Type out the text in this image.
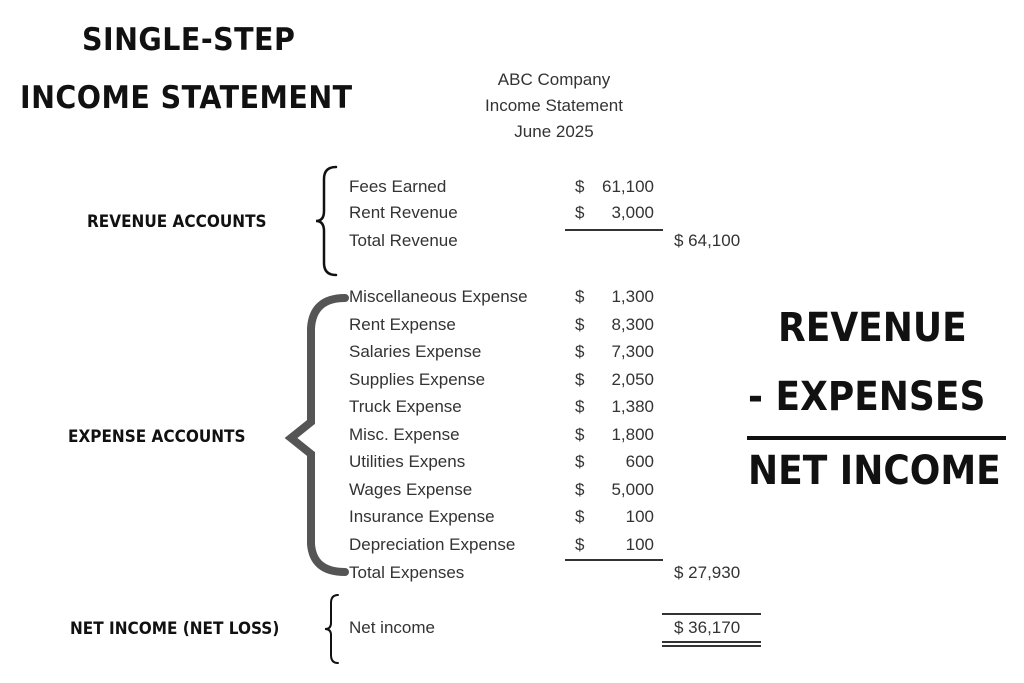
SINGLE-STEP
INCOME STATEMENT
ABC Company
Income Statement
June 2025
REVENUE ACCOUNTS
EXPENSE ACCOUNTS
NET INCOME (NET LOSS)
Fees Earned	$ 61,100
Rent Revenue	$ 3,000
Total Revenue	$ 64,100
Miscellaneous Expense	$ 1,300
Rent Expense	$ 8,300
Salaries Expense	$ 7,300
Supplies Expense	$ 2,050
Truck Expense	$ 1,380
Misc. Expense	$ 1,800
Utilities Expens	$ 600
Wages Expense	$ 5,000
Insurance Expense	$ 100
Depreciation Expense	$ 100
Total Expenses	$ 27,930
Net income	$ 36,170
REVENUE
- EXPENSES
NET INCOME
